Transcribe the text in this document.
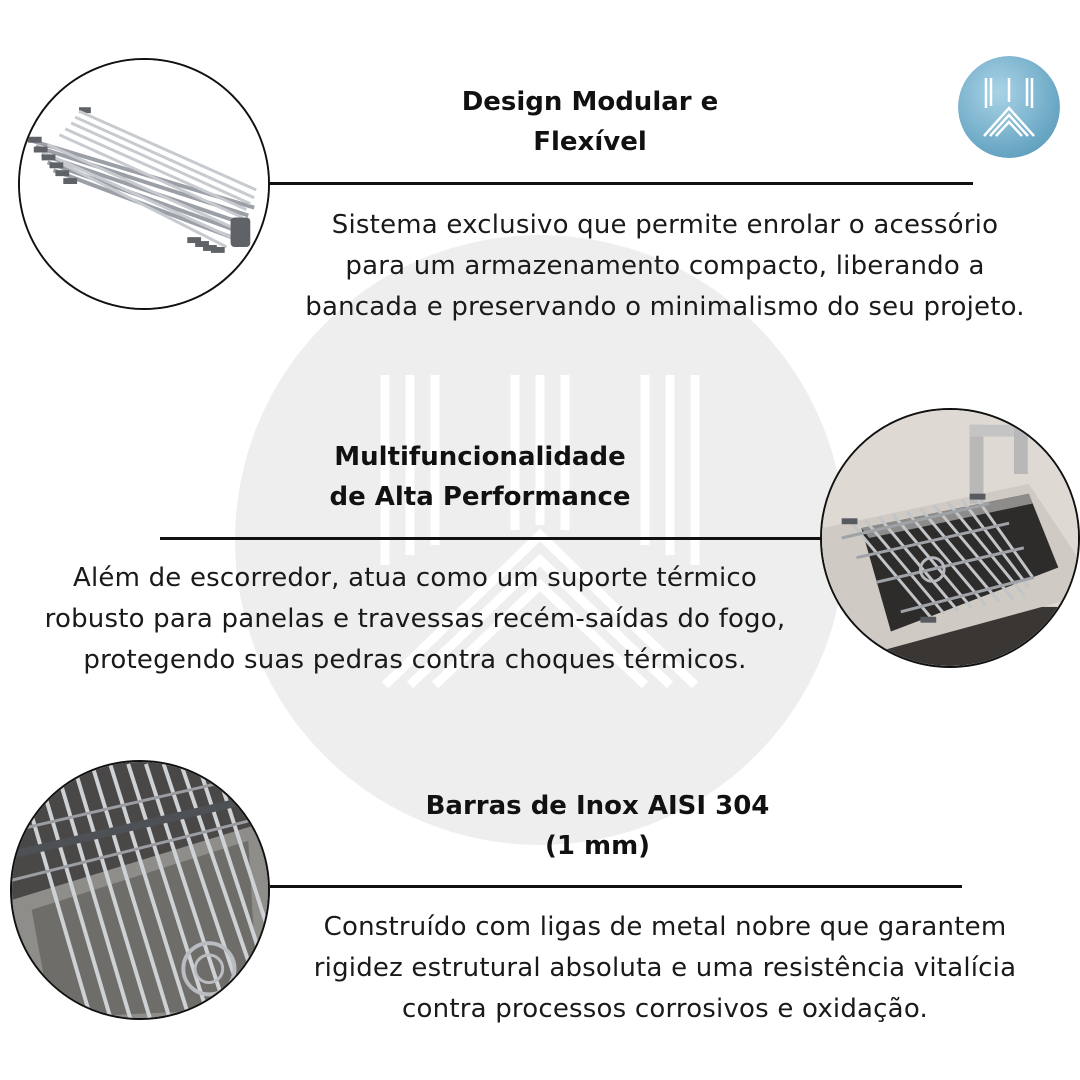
Design Modular e
Flexível
Sistema exclusivo que permite enrolar o acessório
para um armazenamento compacto, liberando a
bancada e preservando o minimalismo do seu projeto.
Multifuncionalidade
de Alta Performance
Além de escorredor, atua como um suporte térmico
robusto para panelas e travessas recém-saídas do fogo,
protegendo suas pedras contra choques térmicos.
Barras de Inox AISI 304
(1 mm)
Construído com ligas de metal nobre que garantem
rigidez estrutural absoluta e uma resistência vitalícia
contra processos corrosivos e oxidação.
